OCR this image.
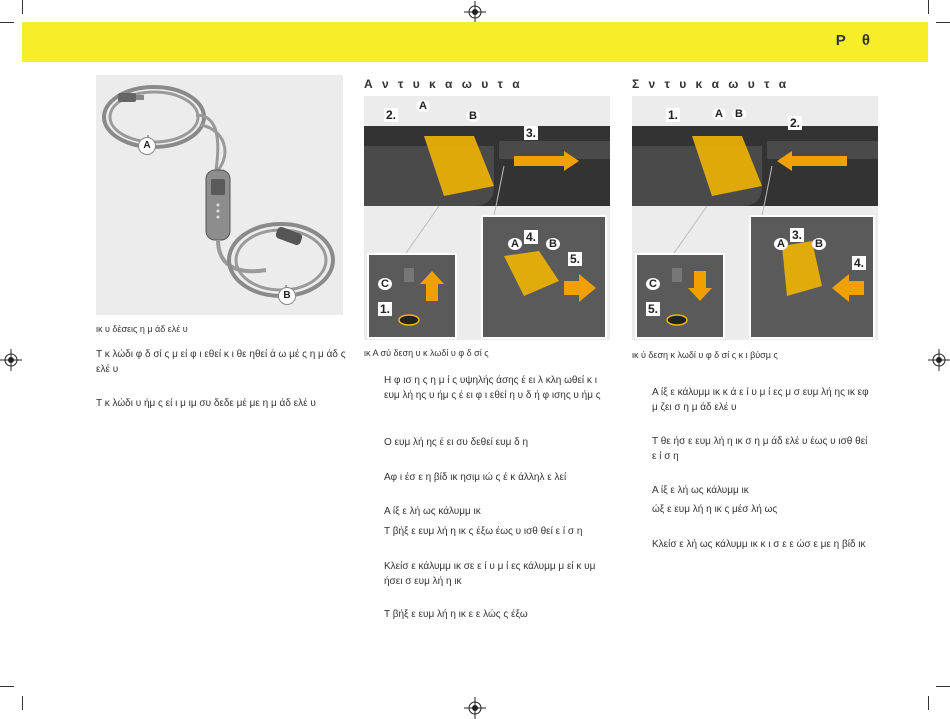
Ρ θ
A
B
ικ υ δέσεις η μ άδ ελέ υ
Τ κ λώδι φ δ σί ς μ εί φ ι εθεί κ ι θε ηθεί ά ω μέ ς η μ άδ ς ελέ υ
Τ κ λώδι υ ήμ ς εί ι μ ιμ συ δεδε μέ με η μ άδ ελέ υ
Α ν τ υ κ α ω υ τ α
2.
A
B
3.
C
1.
4.
A	B
5.
ικ Α σύ δεση υ κ λωδί υ φ δ σί ς
Η φ ισ η ς η μ ί ς υψηλής άσης έ ει λ κλη ωθεί κ ι ευμ λή ης υ ήμ ς έ ει φ ι εθεί η υ δ ή φ ισης υ ήμ ς
Ο ευμ λή ης έ ει συ δεθεί ευμ δ η
Αφ ι έσ ε η βίδ ικ ησιμ ιώ ς έ κ άλληλ ε λεί
Α ίξ ε λή ως κάλυμμ ικ
Τ βήξ ε ευμ λή η ικ ς έξω έως υ ισθ θεί ε ί σ η
Κλείσ ε κάλυμμ ικ σε ε ί υ μ ί ες κάλυμμ μ εί κ υμ ήσει σ ευμ λή η ικ
Τ βήξ ε ευμ λή η ικ ε ε λώς ς έξω
Σ ν τ υ κ α ω υ τ α
1.	A B
2.
C
5.
A
3.
B
4.
ικ ύ δεση κ λωδί υ φ δ σί ς κ ι βύσμ ς
Α ίξ ε κάλυμμ ικ κ ά ε ί υ μ ί ες μ σ ευμ λή ης ικ εφ μ ζει σ η μ άδ ελέ υ
Τ θε ήσ ε ευμ λή η ικ σ η μ άδ ελέ υ έως υ ισθ θεί ε ί σ η
Α ίξ ε λή ως κάλυμμ ικ
ώξ ε ευμ λή η ικ ς μέσ λή ως
Κλείσ ε λή ως κάλυμμ ικ κ ι σ ε ε ώσ ε με η βίδ ικ
